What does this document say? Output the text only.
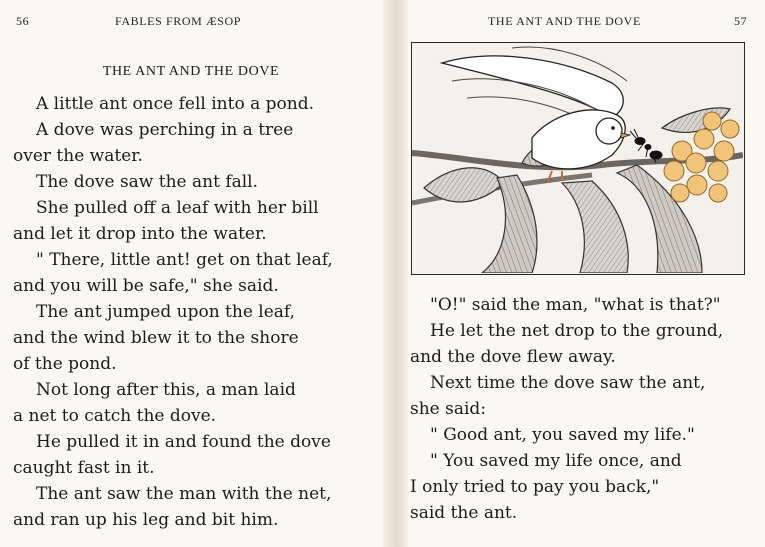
56	FABLES FROM ÆSOP
THE ANT AND THE DOVE
A little ant once fell into a pond.
A dove was perching in a tree
over the water.
The dove saw the ant fall.
She pulled off a leaf with her bill
and let it drop into the water.
" There, little ant! get on that leaf,
and you will be safe," she said.
The ant jumped upon the leaf,
and the wind blew it to the shore
of the pond.
Not long after this, a man laid
a net to catch the dove.
He pulled it in and found the dove
caught fast in it.
The ant saw the man with the net,
and ran up his leg and bit him.
THE ANT AND THE DOVE	57
"O!" said the man, "what is that?"
He let the net drop to the ground,
and the dove flew away.
Next time the dove saw the ant,
she said:
" Good ant, you saved my life."
" You saved my life once, and
I only tried to pay you back,"
said the ant.
